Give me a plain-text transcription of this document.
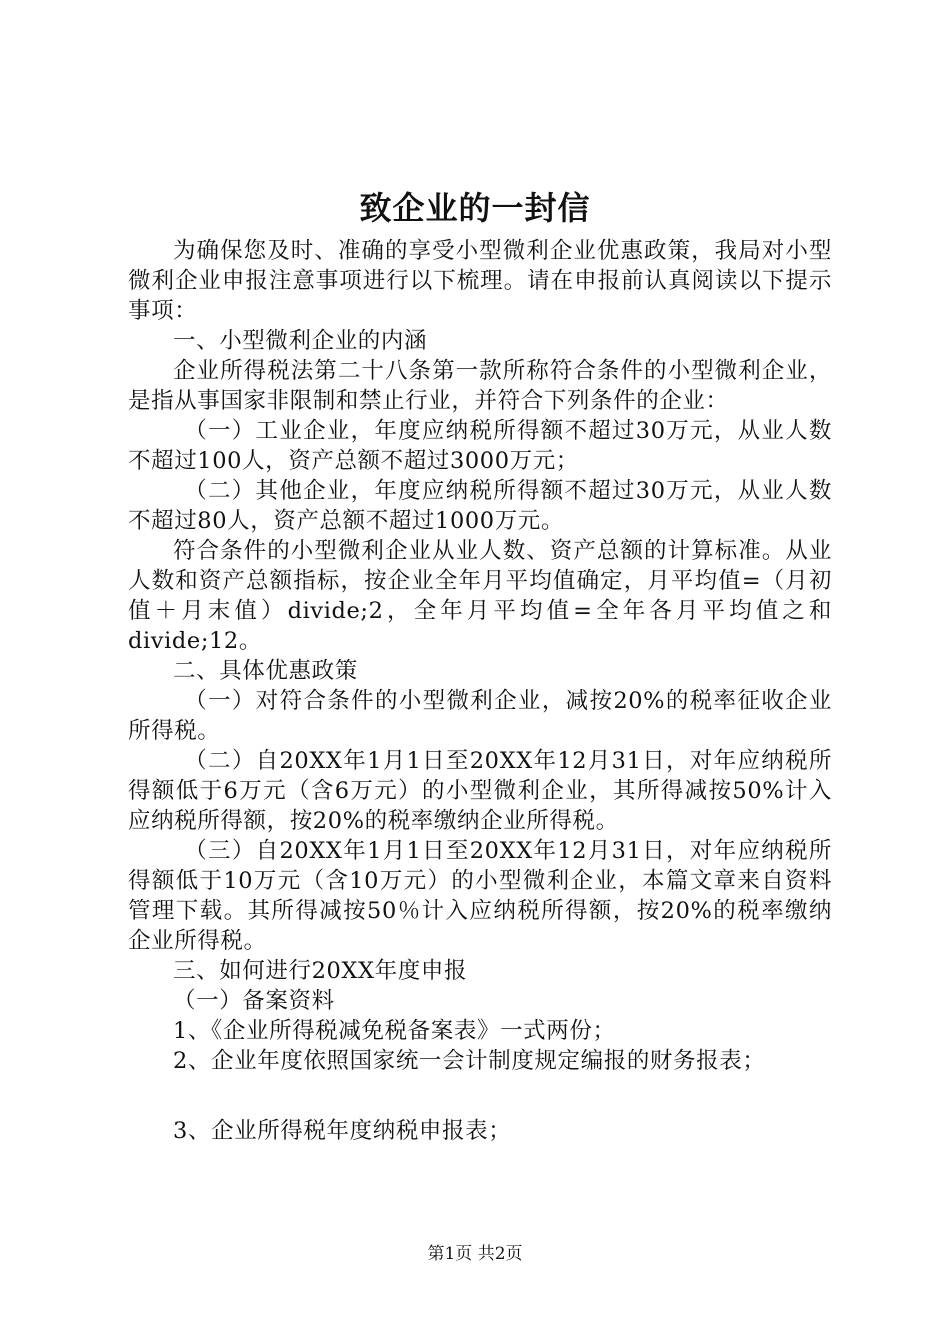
致企业的一封信

为确保您及时、准确的享受小型微利企业优惠政策，我局对小型微利企业申报注意事项进行以下梳理。请在申报前认真阅读以下提示事项：

一、小型微利企业的内涵

企业所得税法第二十八条第一款所称符合条件的小型微利企业，是指从事国家非限制和禁止行业，并符合下列条件的企业：

（一）工业企业，年度应纳税所得额不超过30万元，从业人数不超过100人，资产总额不超过3000万元；

（二）其他企业，年度应纳税所得额不超过30万元，从业人数不超过80人，资产总额不超过1000万元。

符合条件的小型微利企业从业人数、资产总额的计算标准。从业人数和资产总额指标，按企业全年月平均值确定，月平均值=（月初值＋月末值）divide;2，全年月平均值=全年各月平均值之和divide;12。

二、具体优惠政策

（一）对符合条件的小型微利企业，减按20%的税率征收企业所得税。

（二）自20XX年1月1日至20XX年12月31日，对年应纳税所得额低于6万元（含6万元）的小型微利企业，其所得减按50%计入应纳税所得额，按20%的税率缴纳企业所得税。

（三）自20XX年1月1日至20XX年12月31日，对年应纳税所得额低于10万元（含10万元）的小型微利企业，本篇文章来自资料管理下载。其所得减按50％计入应纳税所得额，按20%的税率缴纳企业所得税。

三、如何进行20XX年度申报

（一）备案资料

1、《企业所得税减免税备案表》一式两份；

2、企业年度依照国家统一会计制度规定编报的财务报表；

3、企业所得税年度纳税申报表；

第1页 共2页
